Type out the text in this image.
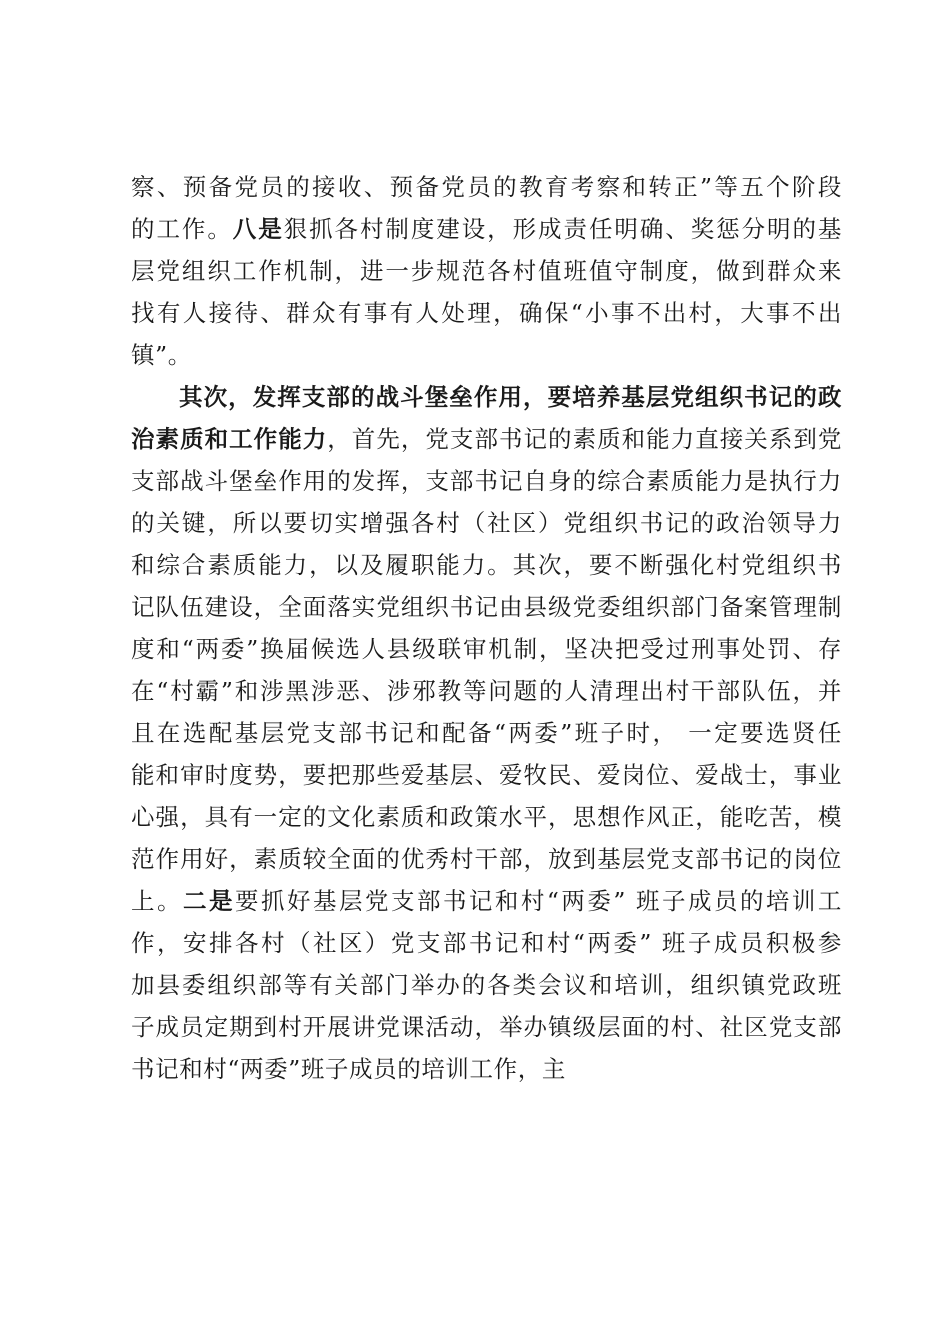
察、预备党员的接收、预备党员的教育考察和转正”等五个阶段
的工作。八是狠抓各村制度建设，形成责任明确、奖惩分明的基
层党组织工作机制，进一步规范各村值班值守制度，做到群众来
找有人接待、群众有事有人处理，确保“小事不出村，大事不出
镇”。
其次，发挥支部的战斗堡垒作用，要培养基层党组织书记的政
治素质和工作能力，首先，党支部书记的素质和能力直接关系到党
支部战斗堡垒作用的发挥，支部书记自身的综合素质能力是执行力
的关键，所以要切实增强各村（社区）党组织书记的政治领导力
和综合素质能力，以及履职能力。其次，要不断强化村党组织书
记队伍建设，全面落实党组织书记由县级党委组织部门备案管理制
度和“两委”换届候选人县级联审机制，坚决把受过刑事处罚、存
在“村霸”和涉黑涉恶、涉邪教等问题的人清理出村干部队伍，并
且在选配基层党支部书记和配备“两委”班子时， 一定要选贤任
能和审时度势，要把那些爱基层、爱牧民、爱岗位、爱战士，事业
心强，具有一定的文化素质和政策水平，思想作风正，能吃苦，模
范作用好，素质较全面的优秀村干部，放到基层党支部书记的岗位
上。二是要抓好基层党支部书记和村“两委” 班子成员的培训工
作，安排各村（社区）党支部书记和村“两委” 班子成员积极参
加县委组织部等有关部门举办的各类会议和培训，组织镇党政班
子成员定期到村开展讲党课活动，举办镇级层面的村、社区党支部
书记和村“两委”班子成员的培训工作，主
